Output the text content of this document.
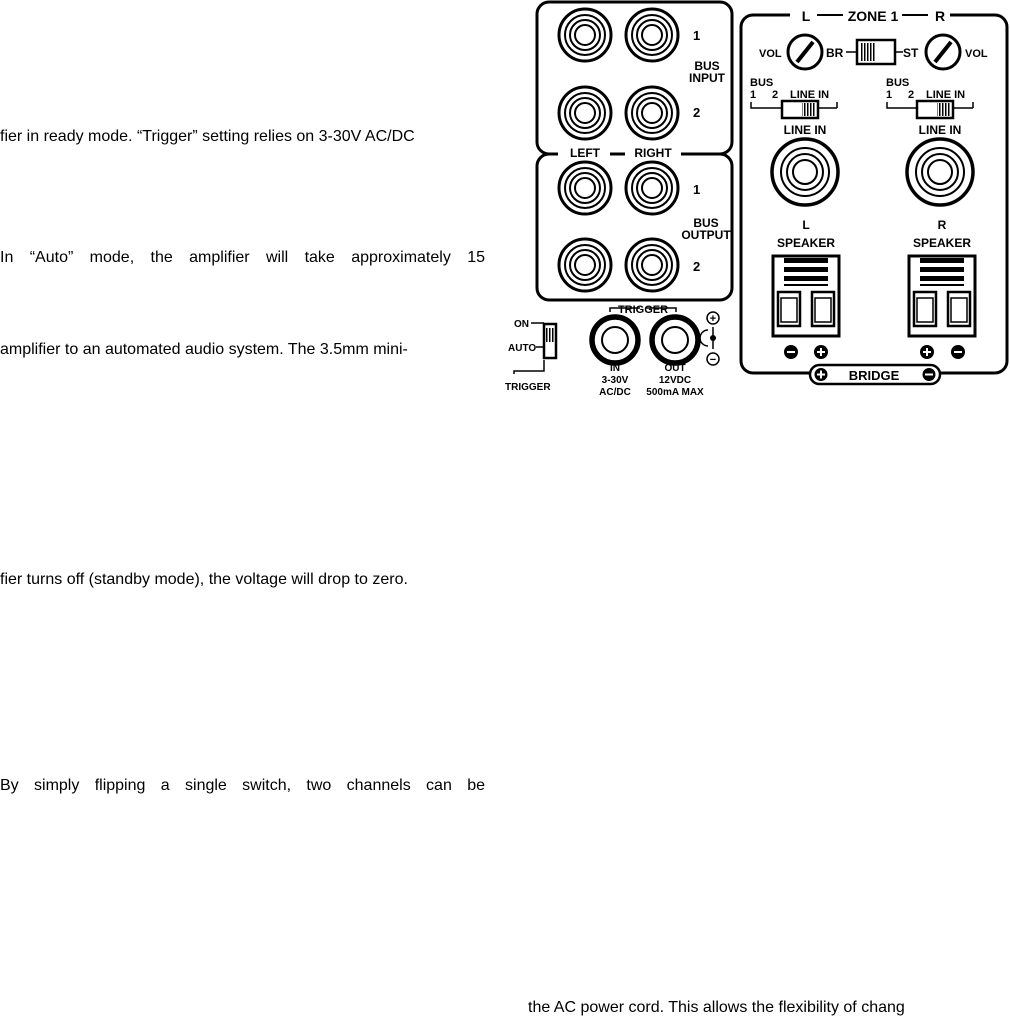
fier in ready mode. “Trigger” setting relies on 3-30V AC/DC
In “Auto” mode, the amplifier will take approximately 15
amplifier to an automated audio system. The 3.5mm mini-
fier turns off (standby mode), the voltage will drop to zero.
By simply flipping a single switch, two channels can be
the AC power cord. This allows the flexibility of chang
LEFT	RIGHT
1
BUS
INPUT
2
1
BUS
OUTPUT
2
ON
AUTO
TRIGGER
TRIGGER
IN
3-30V
AC/DC
OUT
12VDC
500mA MAX
+
−
L	ZONE 1	R
VOL	BR	ST	VOL
BUS
1 2 LINE IN
BUS
1 2 LINE IN
LINE IN	LINE IN
L
SPEAKER
R
SPEAKER
BRIDGE
